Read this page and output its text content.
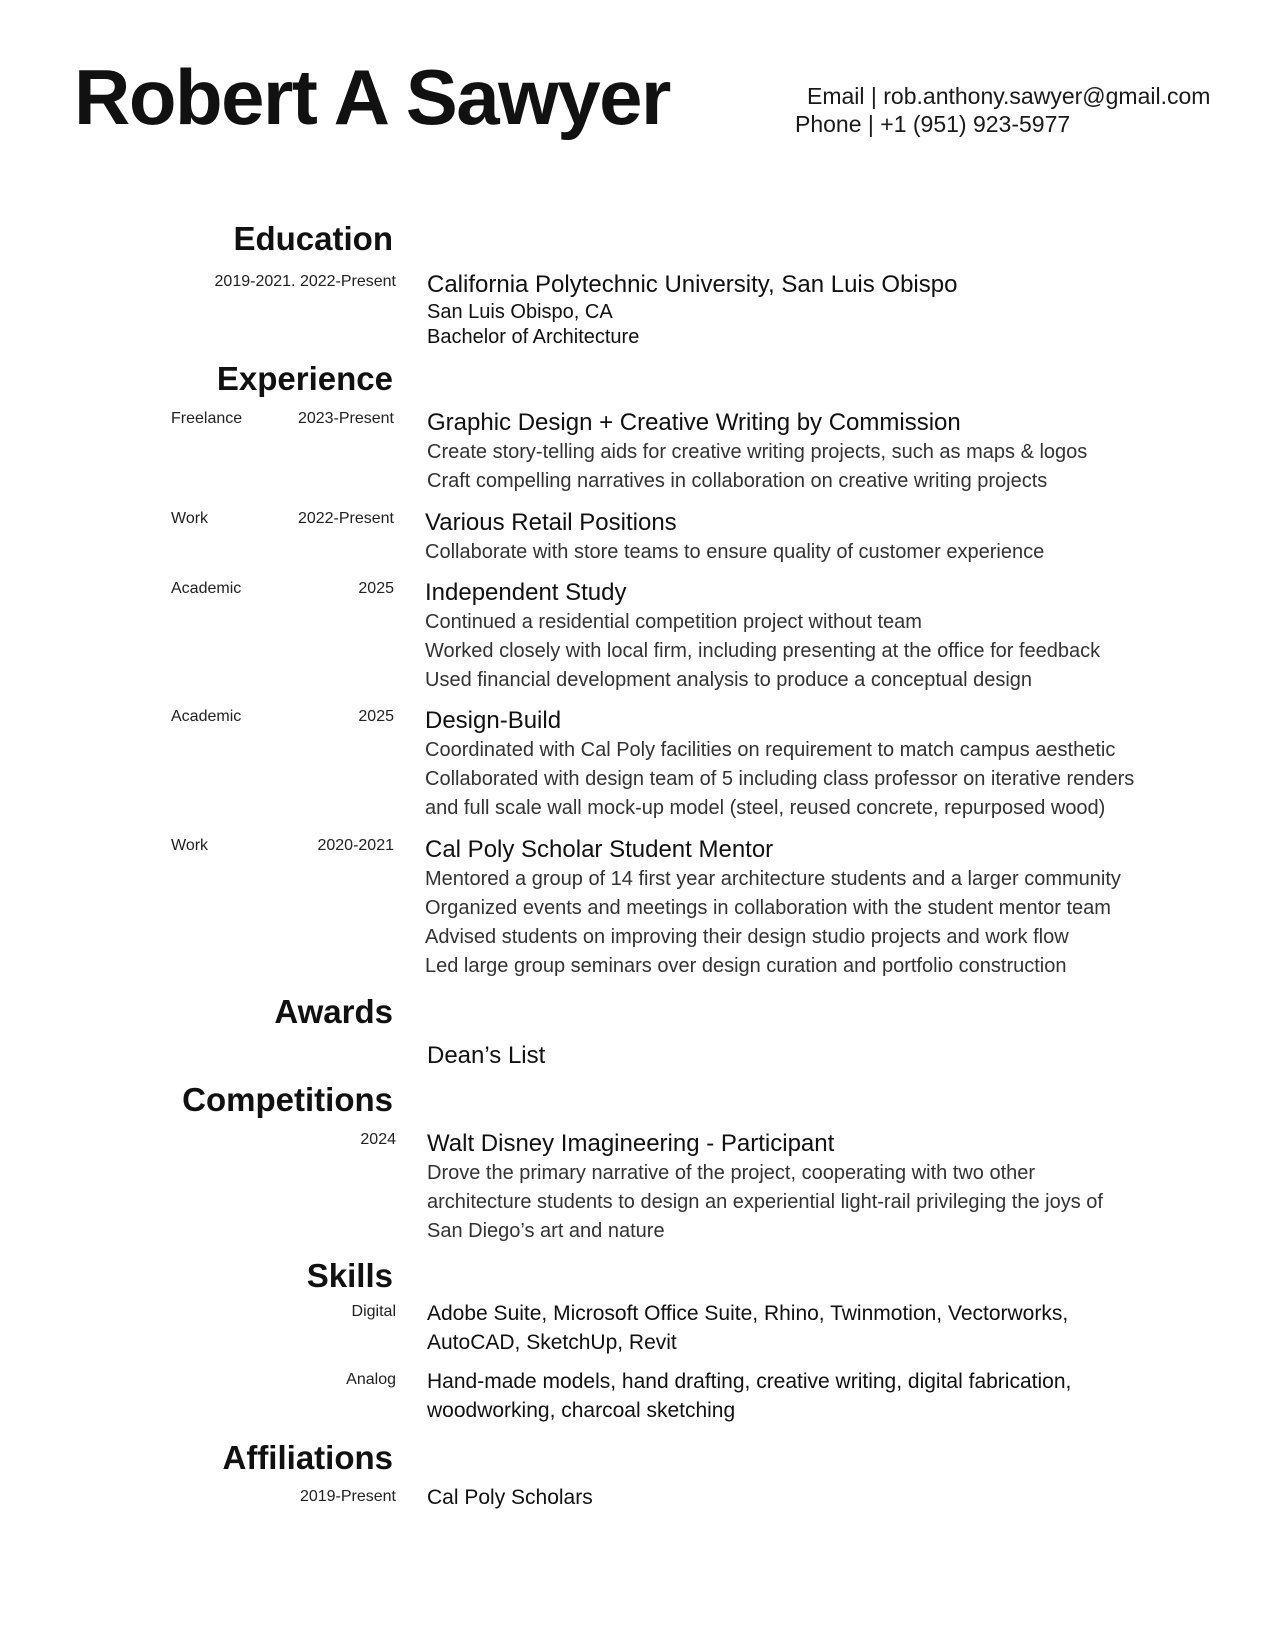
Robert A Sawyer	Email | rob.anthony.sawyer@gmail.com
Phone | +1 (951) 923-5977
Education
2019-2021. 2022-Present California Polytechnic University, San Luis Obispo
San Luis Obispo, CA
Bachelor of Architecture
Experience
Freelance	2023-Present Graphic Design + Creative Writing by Commission
Create story-telling aids for creative writing projects, such as maps & logos
Craft compelling narratives in collaboration on creative writing projects
Work	2022-Present Various Retail Positions
Collaborate with store teams to ensure quality of customer experience
Academic	2025 Independent Study
Continued a residential competition project without team
Worked closely with local firm, including presenting at the office for feedback
Used financial development analysis to produce a conceptual design
Academic	2025 Design-Build
Coordinated with Cal Poly facilities on requirement to match campus aesthetic
Collaborated with design team of 5 including class professor on iterative renders
and full scale wall mock-up model (steel, reused concrete, repurposed wood)
Work	2020-2021 Cal Poly Scholar Student Mentor
Mentored a group of 14 first year architecture students and a larger community
Organized events and meetings in collaboration with the student mentor team
Advised students on improving their design studio projects and work flow
Led large group seminars over design curation and portfolio construction
Awards
Dean’s List
Competitions
2024 Walt Disney Imagineering - Participant
Drove the primary narrative of the project, cooperating with two other
architecture students to design an experiential light-rail privileging the joys of
San Diego’s art and nature
Skills
Digital Adobe Suite, Microsoft Office Suite, Rhino, Twinmotion, Vectorworks,
AutoCAD, SketchUp, Revit
Analog Hand-made models, hand drafting, creative writing, digital fabrication,
woodworking, charcoal sketching
Affiliations
2019-Present Cal Poly Scholars
